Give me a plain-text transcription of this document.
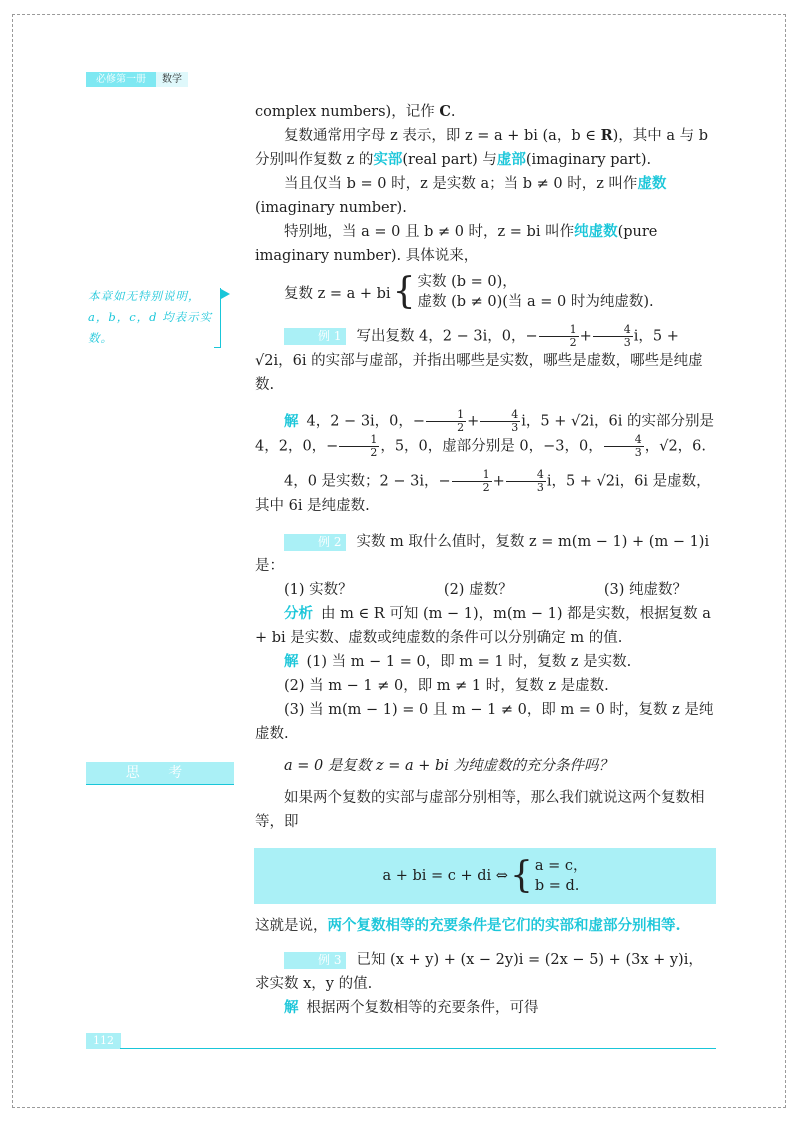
必修第一册	数学
本章如无特别说明，a，b，c，d 均表示实数。
思 考

complex numbers)，记作 C.

复数通常用字母 z 表示，即 z = a + bi (a，b ∈ R)，其中 a 与 b 分别叫作复数 z 的实部(real part) 与虚部(imaginary part).

当且仅当 b = 0 时，z 是实数 a；当 b ≠ 0 时，z 叫作虚数(imaginary number).

特别地，当 a = 0 且 b ≠ 0 时，z = bi 叫作纯虚数(pure imaginary number). 具体说来，

复数 z = a + bi { 实数 (b = 0)，
虚数 (b ≠ 0)(当 a = 0 时为纯虚数).

例 1 写出复数 4，2 − 3i，0，− $\frac{1}{2} + \frac{4}{3}$ i，5 + √2i，6i 的实部与虚部，并指出哪些是实数，哪些是虚数，哪些是纯虚数.

解 4，2 − 3i，0，− $\frac{1}{2} + \frac{4}{3}$ i，5 + √2i，6i 的实部分别是 4，2，0，− $\frac{1}{2}$ ，5，0，虚部分别是 0，−3，0， $\frac{4}{3}$ ，√2，6.

4，0 是实数；2 − 3i，− $\frac{1}{2} + \frac{4}{3}$ i，5 + √2i，6i 是虚数，其中 6i 是纯虚数.

例 2 实数 m 取什么值时，复数 z = m(m − 1) + (m − 1)i 是：

(1) 实数？	(2) 虚数？	(3) 纯虚数？

分析 由 m ∈ R 可知 (m − 1)，m(m − 1) 都是实数，根据复数 a + bi 是实数、虚数或纯虚数的条件可以分别确定 m 的值.

解 (1) 当 m − 1 = 0，即 m = 1 时，复数 z 是实数.

(2) 当 m − 1 ≠ 0，即 m ≠ 1 时，复数 z 是虚数.

(3) 当 m(m − 1) = 0 且 m − 1 ≠ 0，即 m = 0 时，复数 z 是纯虚数.

a = 0 是复数 z = a + bi 为纯虚数的充分条件吗？

如果两个复数的实部与虚部分别相等，那么我们就说这两个复数相等，即

a + bi = c + di ⇔ { a = c，
b = d.

这就是说，两个复数相等的充要条件是它们的实部和虚部分别相等.

例 3 已知 (x + y) + (x − 2y)i = (2x − 5) + (3x + y)i，求实数 x，y 的值.

解 根据两个复数相等的充要条件，可得

112
